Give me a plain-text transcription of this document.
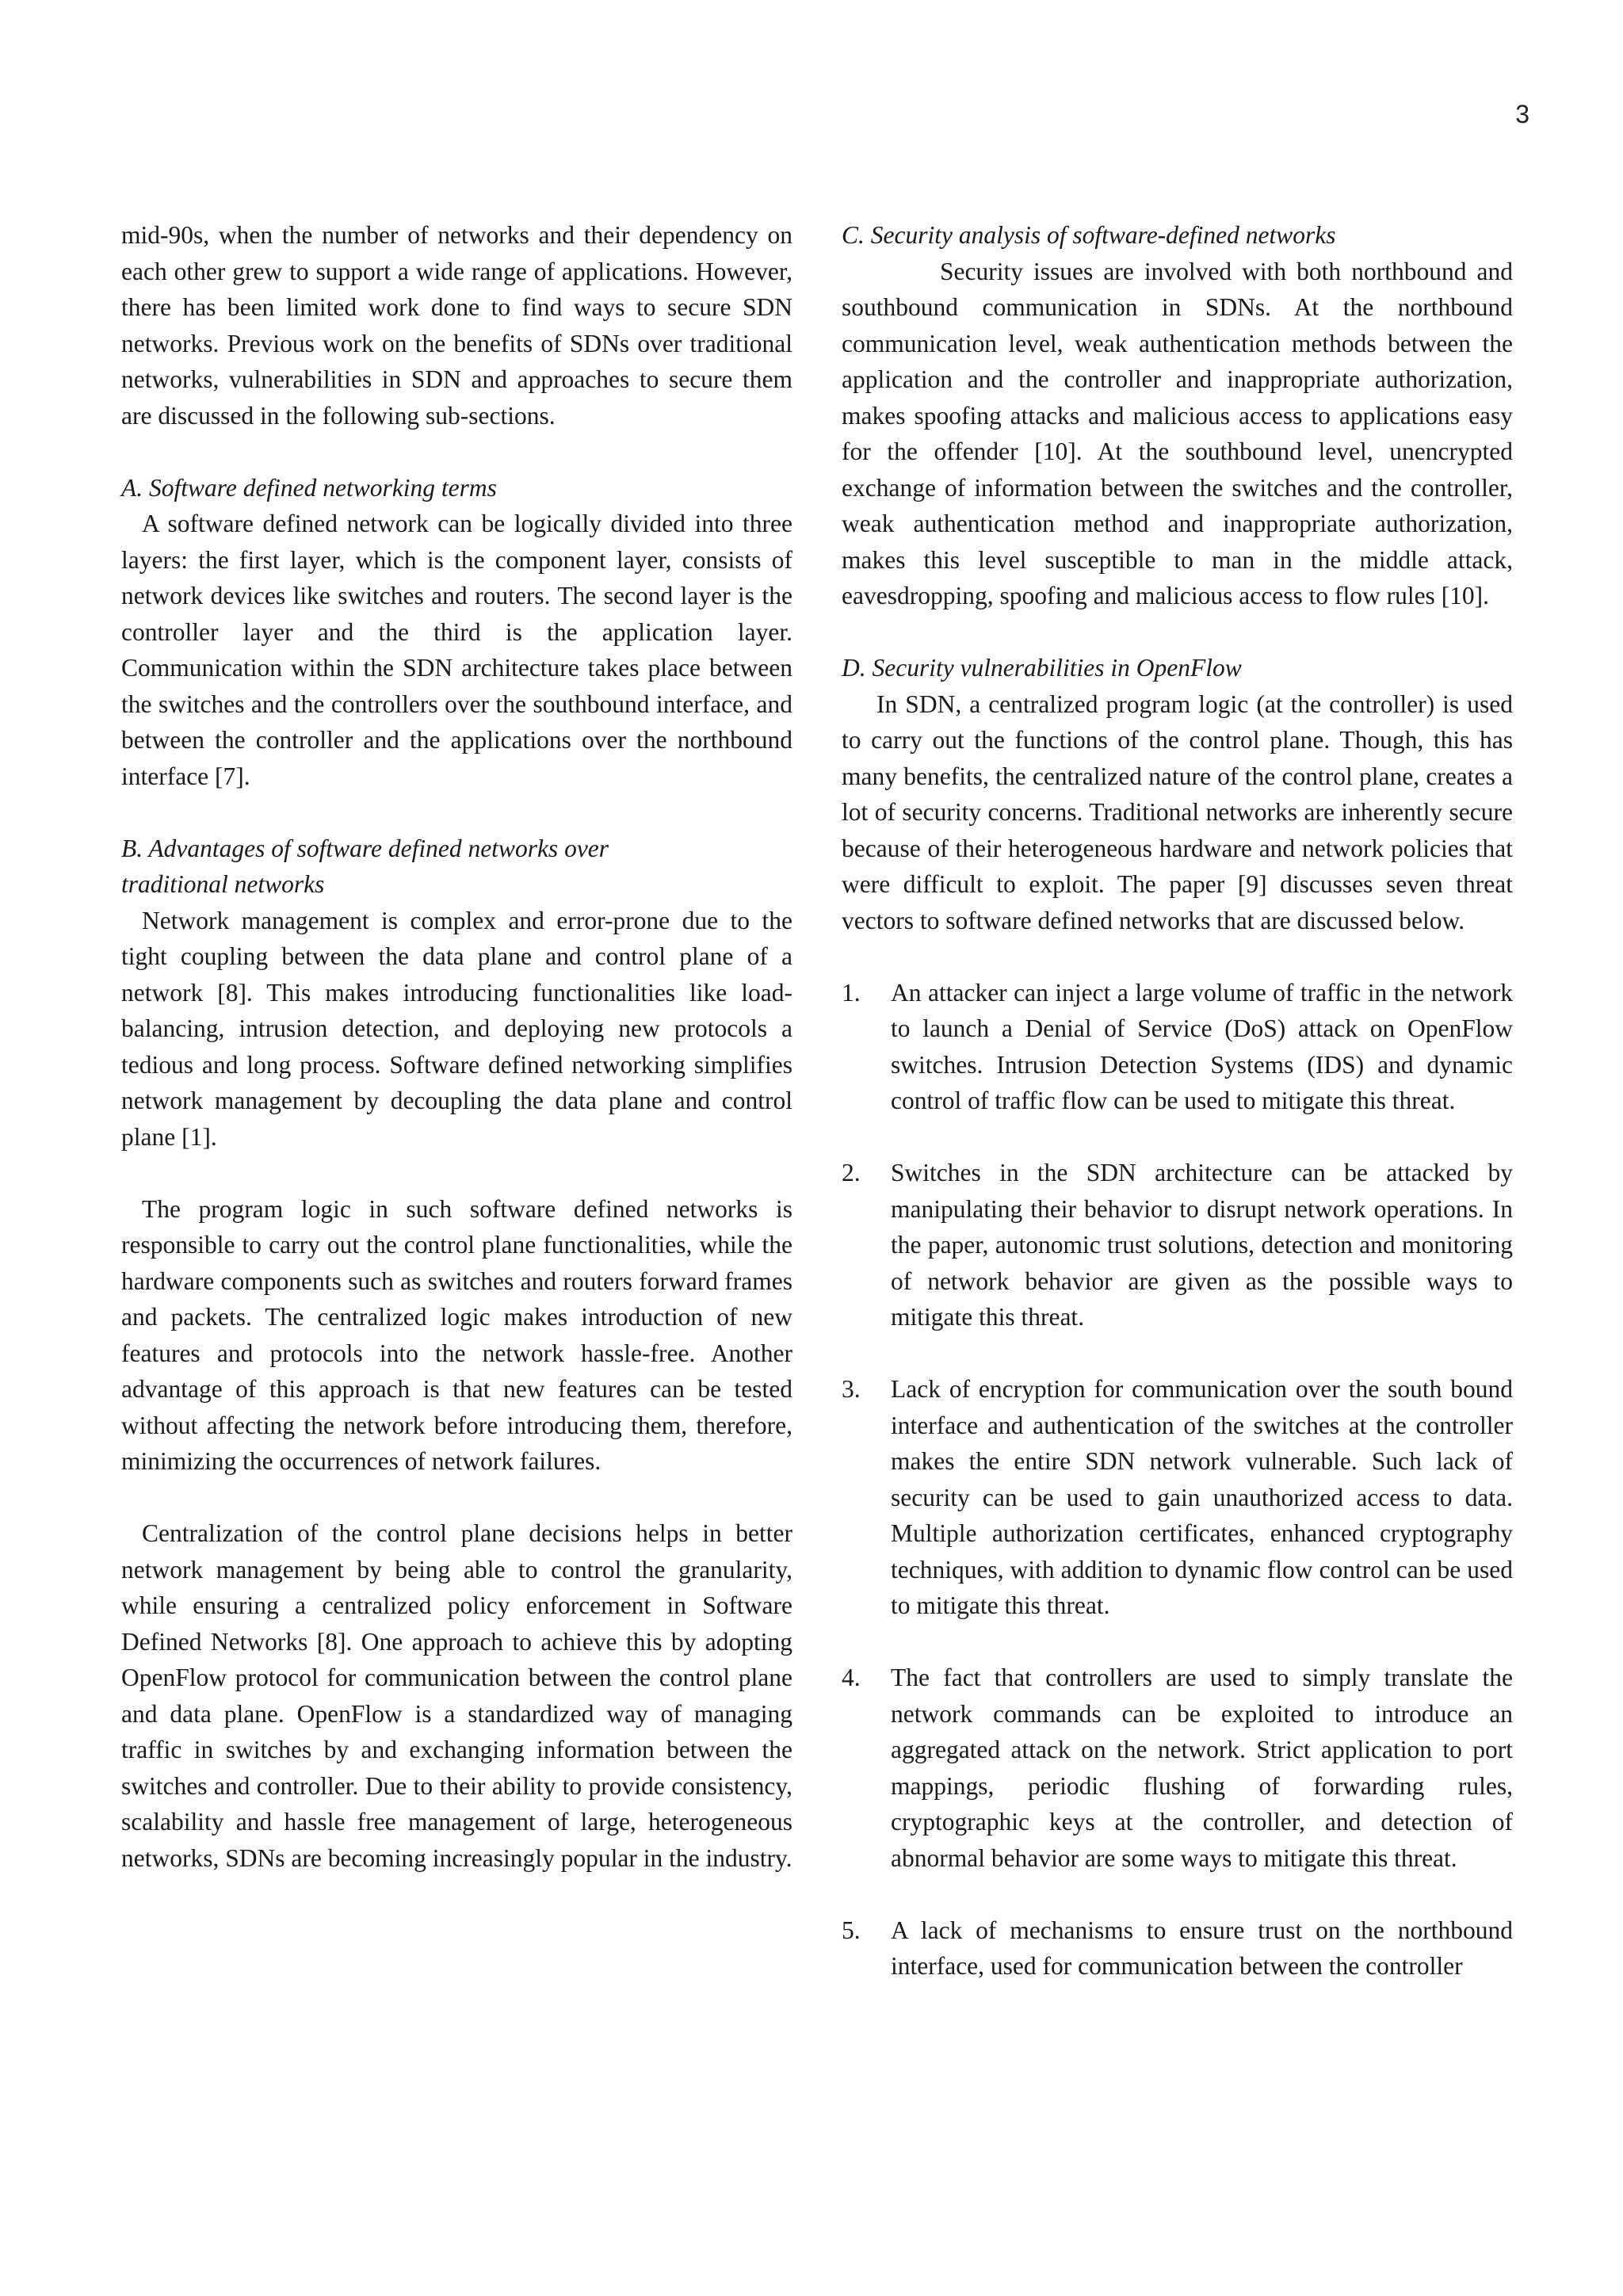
3

mid-90s, when the number of networks and their dependency on each other grew to support a wide range of applications. However, there has been limited work done to find ways to secure SDN networks. Previous work on the benefits of SDNs over traditional networks, vulnerabilities in SDN and approaches to secure them are discussed in the following sub-sections.

A. Software defined networking terms

A software defined network can be logically divided into three layers: the first layer, which is the component layer, consists of network devices like switches and routers. The second layer is the controller layer and the third is the application layer. Communication within the SDN architecture takes place between the switches and the controllers over the southbound interface, and between the controller and the applications over the northbound interface [7].

B. Advantages of software defined networks over

traditional networks

Network management is complex and error-prone due to the tight coupling between the data plane and control plane of a network [8]. This makes introducing functionalities like load-balancing, intrusion detection, and deploying new protocols a tedious and long process. Software defined networking simplifies network management by decoupling the data plane and control plane [1].

The program logic in such software defined networks is responsible to carry out the control plane functionalities, while the hardware components such as switches and routers forward frames and packets. The centralized logic makes introduction of new features and protocols into the network hassle-free. Another advantage of this approach is that new features can be tested without affecting the network before introducing them, therefore, minimizing the occurrences of network failures.

Centralization of the control plane decisions helps in better network management by being able to control the granularity, while ensuring a centralized policy enforcement in Software Defined Networks [8]. One approach to achieve this by adopting OpenFlow protocol for communication between the control plane and data plane. OpenFlow is a standardized way of managing traffic in switches by and exchanging information between the switches and controller. Due to their ability to provide consistency, scalability and hassle free management of large, heterogeneous networks, SDNs are becoming increasingly popular in the industry.

C. Security analysis of software-defined networks

Security issues are involved with both northbound and southbound communication in SDNs. At the northbound communication level, weak authentication methods between the application and the controller and inappropriate authorization, makes spoofing attacks and malicious access to applications easy for the offender [10]. At the southbound level, unencrypted exchange of information between the switches and the controller, weak authentication method and inappropriate authorization, makes this level susceptible to man in the middle attack, eavesdropping, spoofing and malicious access to flow rules [10].

D. Security vulnerabilities in OpenFlow

In SDN, a centralized program logic (at the controller) is used to carry out the functions of the control plane. Though, this has many benefits, the centralized nature of the control plane, creates a lot of security concerns. Traditional networks are inherently secure because of their heterogeneous hardware and network policies that were difficult to exploit. The paper [9] discusses seven threat vectors to software defined networks that are discussed below.

1. An attacker can inject a large volume of traffic in the network to launch a Denial of Service (DoS) attack on OpenFlow switches. Intrusion Detection Systems (IDS) and dynamic control of traffic flow can be used to mitigate this threat.
2. Switches in the SDN architecture can be attacked by manipulating their behavior to disrupt network operations. In the paper, autonomic trust solutions, detection and monitoring of network behavior are given as the possible ways to mitigate this threat.
3. Lack of encryption for communication over the south bound interface and authentication of the switches at the controller makes the entire SDN network vulnerable. Such lack of security can be used to gain unauthorized access to data. Multiple authorization certificates, enhanced cryptography techniques, with addition to dynamic flow control can be used to mitigate this threat.
4. The fact that controllers are used to simply translate the network commands can be exploited to introduce an aggregated attack on the network. Strict application to port mappings, periodic flushing of forwarding rules, cryptographic keys at the controller, and detection of abnormal behavior are some ways to mitigate this threat.
5. A lack of mechanisms to ensure trust on the northbound interface, used for communication between the controller
